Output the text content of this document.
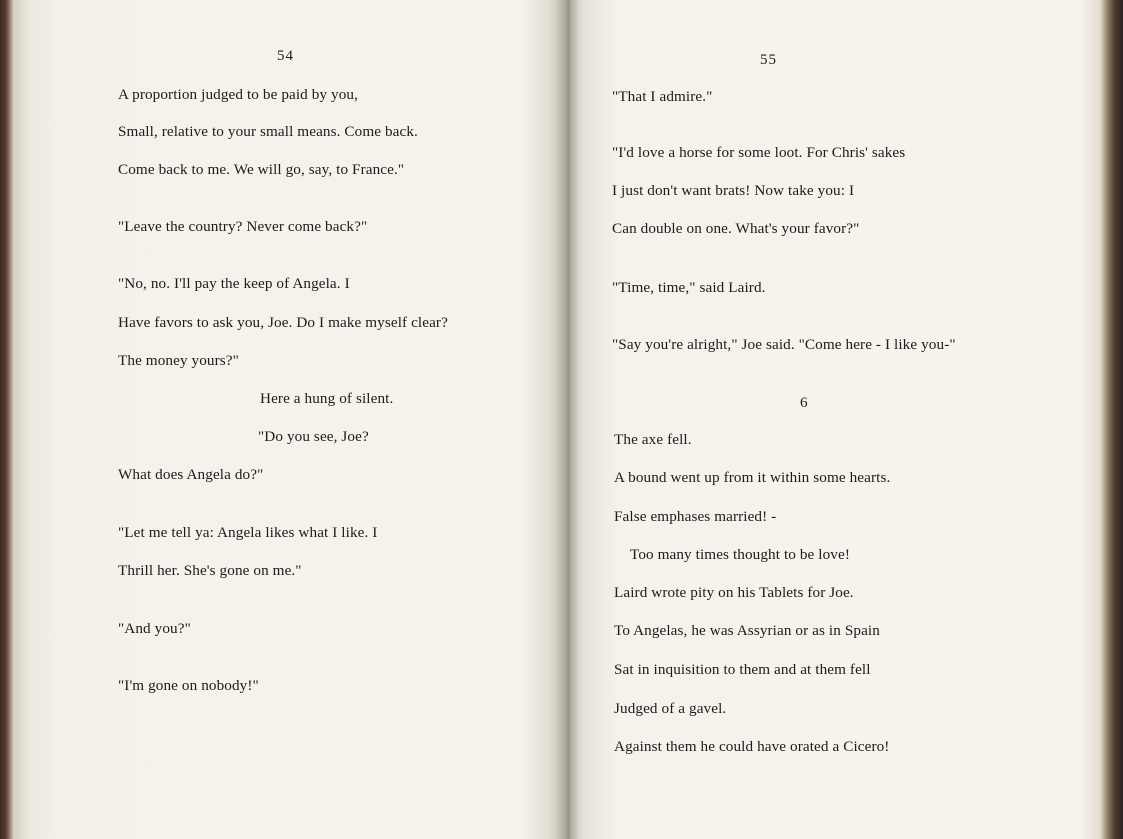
54
A proportion judged to be paid by you,
Small, relative to your small means. Come back.
Come back to me. We will go, say, to France."
"Leave the country? Never come back?"
"No, no. I'll pay the keep of Angela. I
Have favors to ask you, Joe. Do I make myself clear?
The money yours?"
Here a hung of silent.
"Do you see, Joe?
What does Angela do?"
"Let me tell ya: Angela likes what I like. I
Thrill her. She's gone on me."
"And you?"
"I'm gone on nobody!"
55
"That I admire."
"I'd love a horse for some loot. For Chris' sakes
I just don't want brats! Now take you: I
Can double on one. What's your favor?"
"Time, time," said Laird.
"Say you're alright," Joe said. "Come here - I like you-"
6
The axe fell.
A bound went up from it within some hearts.
False emphases married! -
Too many times thought to be love!
Laird wrote pity on his Tablets for Joe.
To Angelas, he was Assyrian or as in Spain
Sat in inquisition to them and at them fell
Judged of a gavel.
Against them he could have orated a Cicero!
